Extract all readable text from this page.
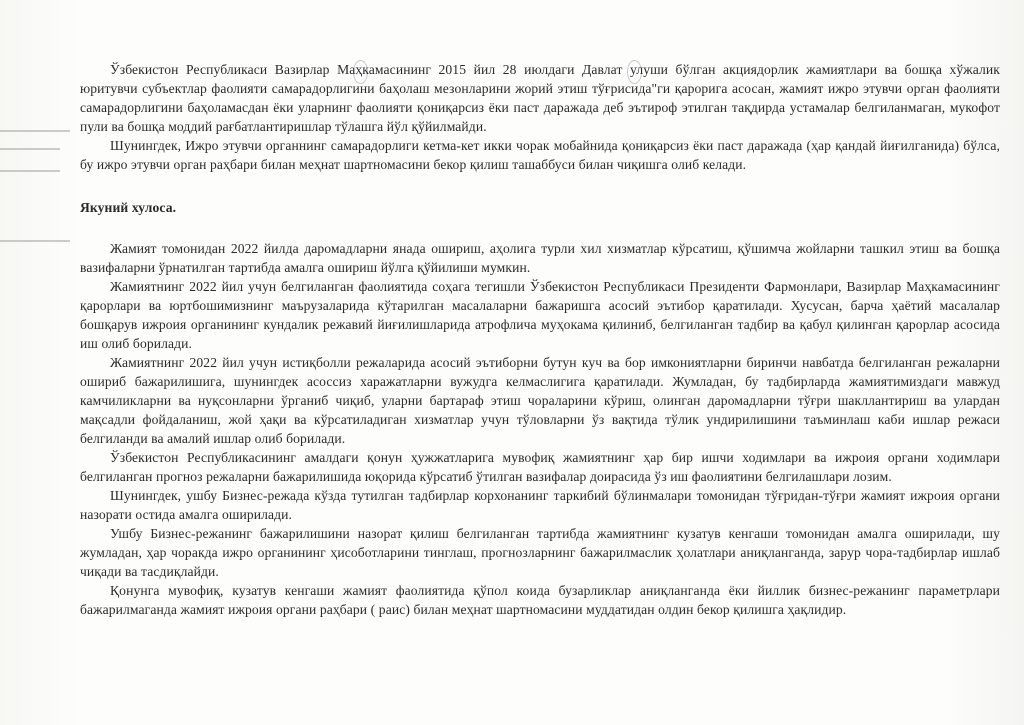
Ўзбекистон Республикаси Вазирлар Маҳкамасининг 2015 йил 28 июлдаги Давлат улуши бўлган акциядорлик жамиятлари ва бошқа хўжалик юритувчи субъектлар фаолияти самарадорлигини баҳолаш мезонларини жорий этиш тўғрисида"ги қарорига асосан, жамият ижро этувчи орган фаолияти самарадорлигини баҳоламасдан ёки уларнинг фаолияти қониқарсиз ёки паст даражада деб эътироф этилган тақдирда устамалар белгиланмаган, мукофот пули ва бошқа моддий рағбатлантиришлар тўлашга йўл қўйилмайди.

Шунингдек, Ижро этувчи органнинг самарадорлиги кетма-кет икки чорак мобайнида қониқарсиз ёки паст даражада (ҳар қандай йиғилганида) бўлса, бу ижро этувчи орган раҳбари билан меҳнат шартномасини бекор қилиш ташаббуси билан чиқишга олиб келади.

Якуний хулоса.

Жамият томонидан 2022 йилда даромадларни янада ошириш, аҳолига турли хил хизматлар кўрсатиш, қўшимча жойларни ташкил этиш ва бошқа вазифаларни ўрнатилган тартибда амалга ошириш йўлга қўйилиши мумкин.

Жамиятнинг 2022 йил учун белгиланган фаолиятида соҳага тегишли Ўзбекистон Республикаси Президенти Фармонлари, Вазирлар Маҳкамасининг қарорлари ва юртбошимизнинг маърузаларида кўтарилган масалаларни бажаришга асосий эътибор қаратилади. Хусусан, барча ҳаётий масалалар бошқарув ижроия органининг кундалик режавий йиғилишларида атрофлича муҳокама қилиниб, белгиланган тадбир ва қабул қилинган қарорлар асосида иш олиб борилади.

Жамиятнинг 2022 йил учун истиқболли режаларида асосий эътиборни бутун куч ва бор имкониятларни биринчи навбатда белгиланган режаларни ошириб бажарилишига, шунингдек асоссиз харажатларни вужудга келмаслигига қаратилади. Жумладан, бу тадбирларда жамиятимиздаги мавжуд камчиликларни ва нуқсонларни ўрганиб чиқиб, уларни бартараф этиш чораларини кўриш, олинган даромадларни тўғри шакллантириш ва улардан мақсадли фойдаланиш, жой ҳақи ва кўрсатиладиган хизматлар учун тўловларни ўз вақтида тўлик ундирилишини таъминлаш каби ишлар режаси белгиланди ва амалий ишлар олиб борилади.

Ўзбекистон Республикасининг амалдаги қонун ҳужжатларига мувофиқ жамиятнинг ҳар бир ишчи ходимлари ва ижроия органи ходимлари белгиланган прогноз режаларни бажарилишида юқорида кўрсатиб ўтилган вазифалар доирасида ўз иш фаолиятини белгилашлари лозим.

Шунингдек, ушбу Бизнес-режада кўзда тутилган тадбирлар корхонанинг таркибий бўлинмалари томонидан тўғридан-тўғри жамият ижроия органи назорати остида амалга оширилади.

Ушбу Бизнес-режанинг бажарилишини назорат қилиш белгиланган тартибда жамиятнинг кузатув кенгаши томонидан амалга оширилади, шу жумладан, ҳар чоракда ижро органининг ҳисоботларини тинглаш, прогнозларнинг бажарилмаслик ҳолатлари аниқланганда, зарур чора-тадбирлар ишлаб чиқади ва тасдиқлайди.

Қонунга мувофиқ, кузатув кенгаши жамият фаолиятида қўпол коида бузарликлар аниқланганда ёки йиллик бизнес-режанинг параметрлари бажарилмаганда жамият ижроия органи раҳбари ( раис) билан меҳнат шартномасини муддатидан олдин бекор қилишга ҳақлидир.
